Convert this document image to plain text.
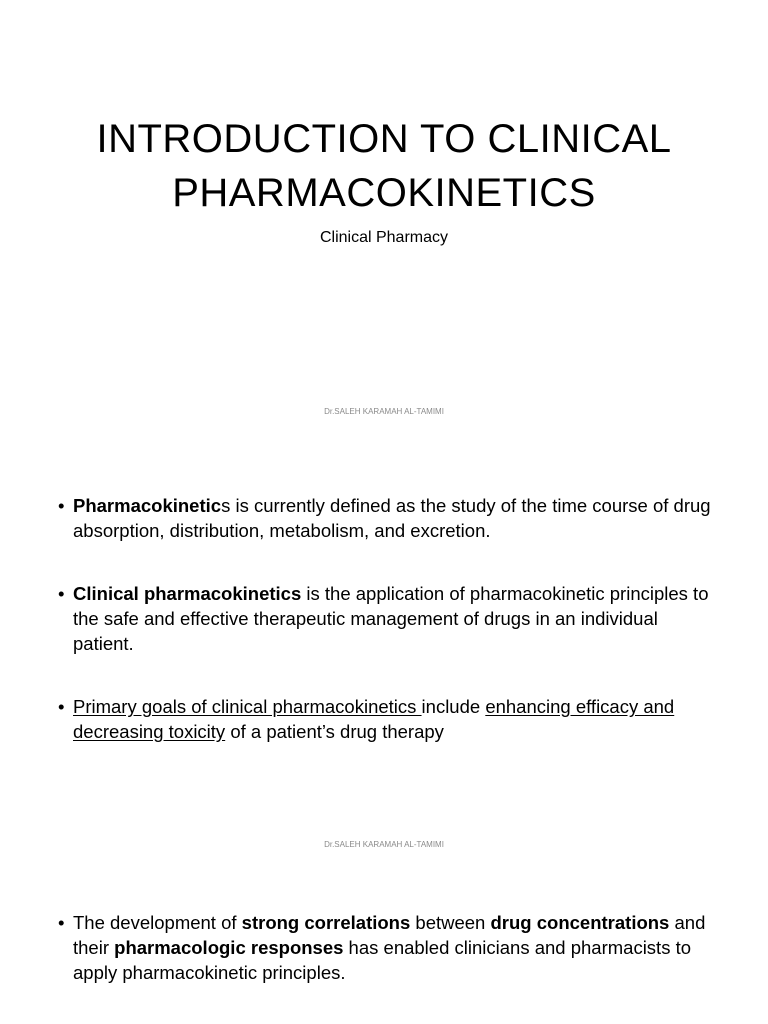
INTRODUCTION TO CLINICAL
PHARMACOKINETICS
Clinical Pharmacy
Dr.SALEH KARAMAH AL-TAMIMI
• Pharmacokinetics is currently defined as the study of the time course of drug absorption, distribution, metabolism, and excretion.
• Clinical pharmacokinetics is the application of pharmacokinetic principles to the safe and effective therapeutic management of drugs in an individual patient.
• Primary goals of clinical pharmacokinetics include enhancing efficacy and decreasing toxicity of a patient’s drug therapy
Dr.SALEH KARAMAH AL-TAMIMI
• The development of strong correlations between drug concentrations and their pharmacologic responses has enabled clinicians and pharmacists to apply pharmacokinetic principles.
